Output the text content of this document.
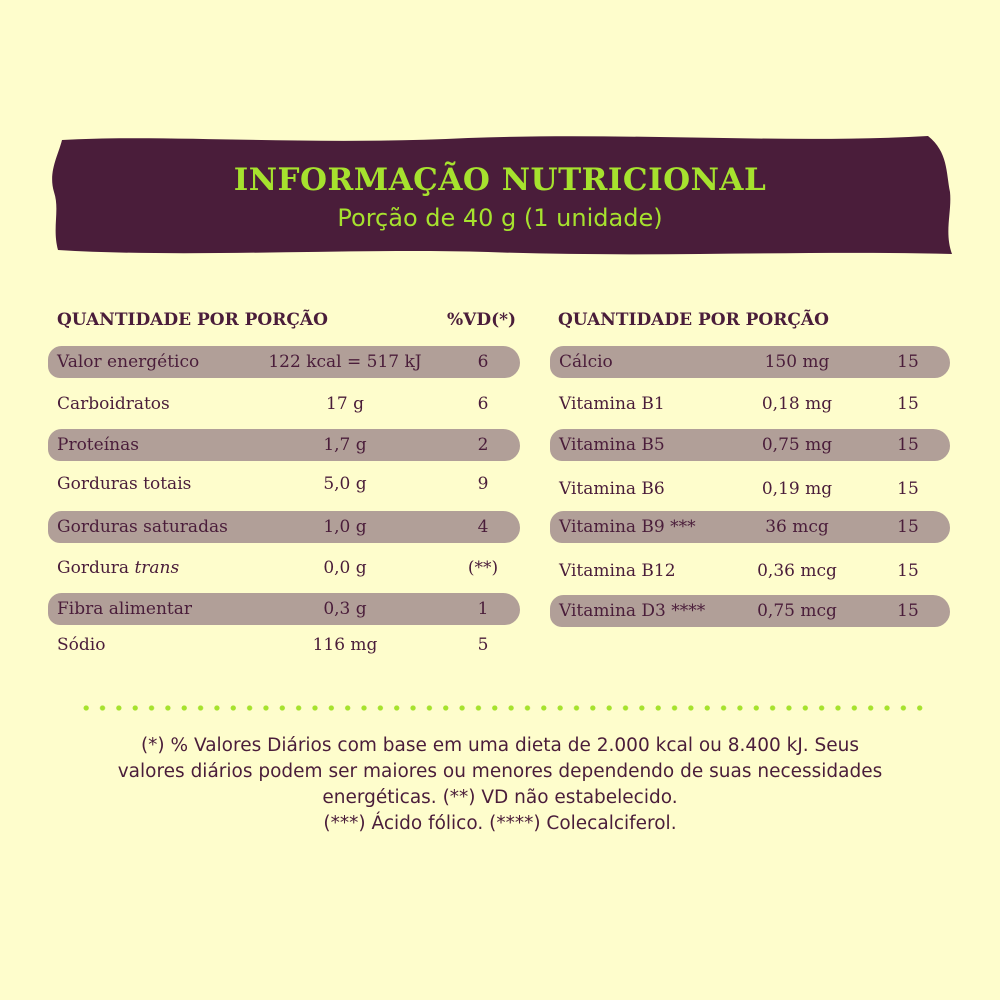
INFORMAÇÃO NUTRICIONAL

Porção de 40 g (1 unidade)

QUANTIDADE POR PORÇÃO	%VD(*) QUANTIDADE POR PORÇÃO

Valor energético	122 kcal = 517 kJ	6
Carboidratos	17 g	6
Proteínas	1,7 g	2
Gorduras totais	5,0 g	9
Gorduras saturadas	1,0 g	4
Gordura trans	0,0 g	(**)
Fibra alimentar	0,3 g	1
Sódio	116 mg	5
Cálcio	150 mg	15
Vitamina B1	0,18 mg	15
Vitamina B5	0,75 mg	15
Vitamina B6	0,19 mg	15
Vitamina B9 ***	36 mcg	15
Vitamina B12	0,36 mcg	15
Vitamina D3 ****	0,75 mcg	15

(*) % Valores Diários com base em uma dieta de 2.000 kcal ou 8.400 kJ. Seus
valores diários podem ser maiores ou menores dependendo de suas necessidades
energéticas. (**) VD não estabelecido.
(***) Ácido fólico. (****) Colecalciferol.
